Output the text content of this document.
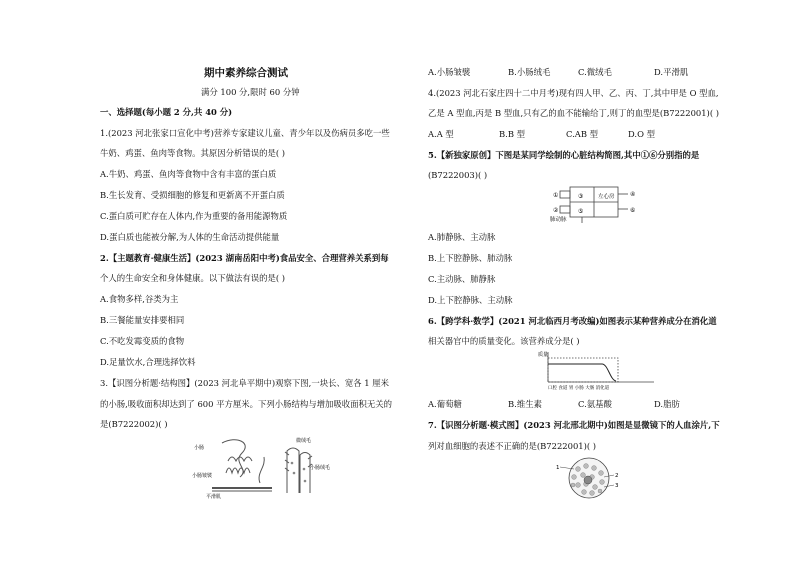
期中素养综合测试
满分 100 分,限时 60 分钟
一、选择题(每小题 2 分,共 40 分)
1.(2023 河北张家口宣化中考)营养专家建议儿童、青少年以及伤病员多吃一些
牛奶、鸡蛋、鱼肉等食物。其原因分析错误的是( )
A.牛奶、鸡蛋、鱼肉等食物中含有丰富的蛋白质
B.生长发育、受损细胞的修复和更新离不开蛋白质
C.蛋白质可贮存在人体内,作为重要的备用能源物质
D.蛋白质也能被分解,为人体的生命活动提供能量
2.【主题教育·健康生活】(2023 湖南岳阳中考)食品安全、合理营养关系到每
个人的生命安全和身体健康。以下做法有误的是( )
A.食物多样,谷类为主
B.三餐能量安排要相同
C.不吃发霉变质的食物
D.足量饮水,合理选择饮料
3.【识图分析题·结构图】(2023 河北阜平期中)观察下图,一块长、宽各 1 厘米
的小肠,吸收面积却达到了 600 平方厘米。下列小肠结构与增加吸收面积无关的
是(B7222002)( )
小肠
小肠皱襞
平滑肌
微绒毛
小肠绒毛
A.小肠皱襞	B.小肠绒毛	C.微绒毛	D.平滑肌
4.(2023 河北石家庄四十二中月考)现有四人甲、乙、丙、丁,其中甲是 O 型血,
乙是 A 型血,丙是 B 型血,只有乙的血不能输给丁,则丁的血型是(B7222001)( )
A.A 型	B.B 型	C.AB 型	D.O 型
5.【新独家原创】下图是某同学绘制的心脏结构简图,其中①⑥分别指的是
(B7222003)( )
左心房
肺动脉
①
②
③	④
⑤	⑥
A.肺静脉、主动脉
B.上下腔静脉、肺动脉
C.主动脉、肺静脉
D.上下腔静脉、主动脉
6.【跨学科·数学】(2021 河北临西月考改编)如图表示某种营养成分在消化道
相关器官中的质量变化。该营养成分是( )
质量
口腔 食道 胃 小肠 大肠 消化道
A.葡萄糖	B.维生素	C.氨基酸	D.脂肪
7.【识图分析题·模式图】(2023 河北邢北期中)如图是显微镜下的人血涂片,下
列对血细胞的表述不正确的是(B7222001)( )
1
2
3
